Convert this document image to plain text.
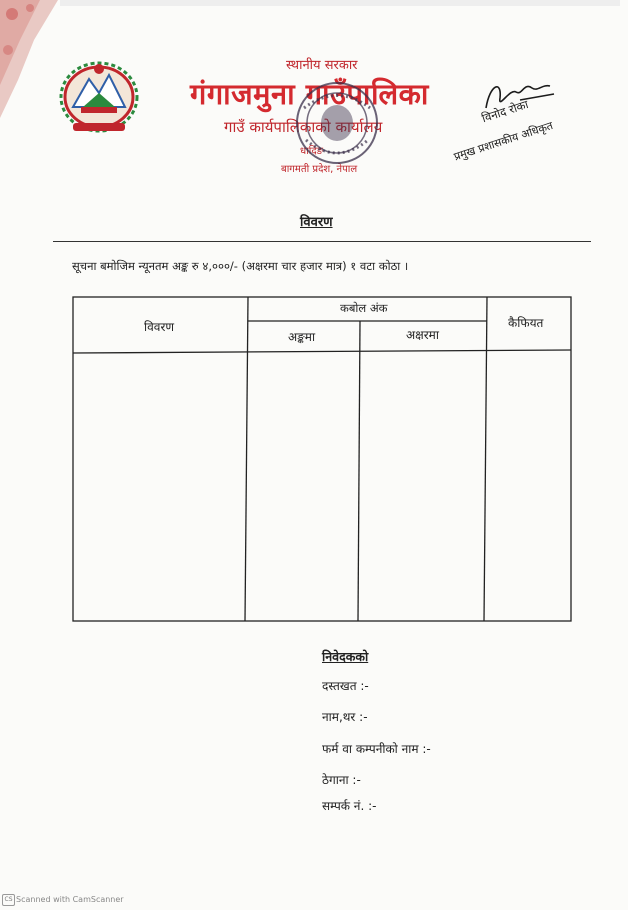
स्थानीय सरकार
गंगाजमुना गाउँपालिका
गाउँ कार्यपालिकाको कार्यालय
धादिङ
बागमती प्रदेश, नेपाल
विनोद रोका
प्रमुख प्रशासकीय अधिकृत
विवरण
सूचना बमोजिम न्यूनतम अङ्क रु ४,०००/- (अक्षरमा चार हजार मात्र) १ वटा कोठा ।
विवरण
कबोल अंक
अङ्कमा	अक्षरमा
कैफियत
निवेदकको
दस्तखत :-
नाम,थर :-
फर्म वा कम्पनीको नाम :-
ठेगाना :-
सम्पर्क नं. :-
CS Scanned with CamScanner
